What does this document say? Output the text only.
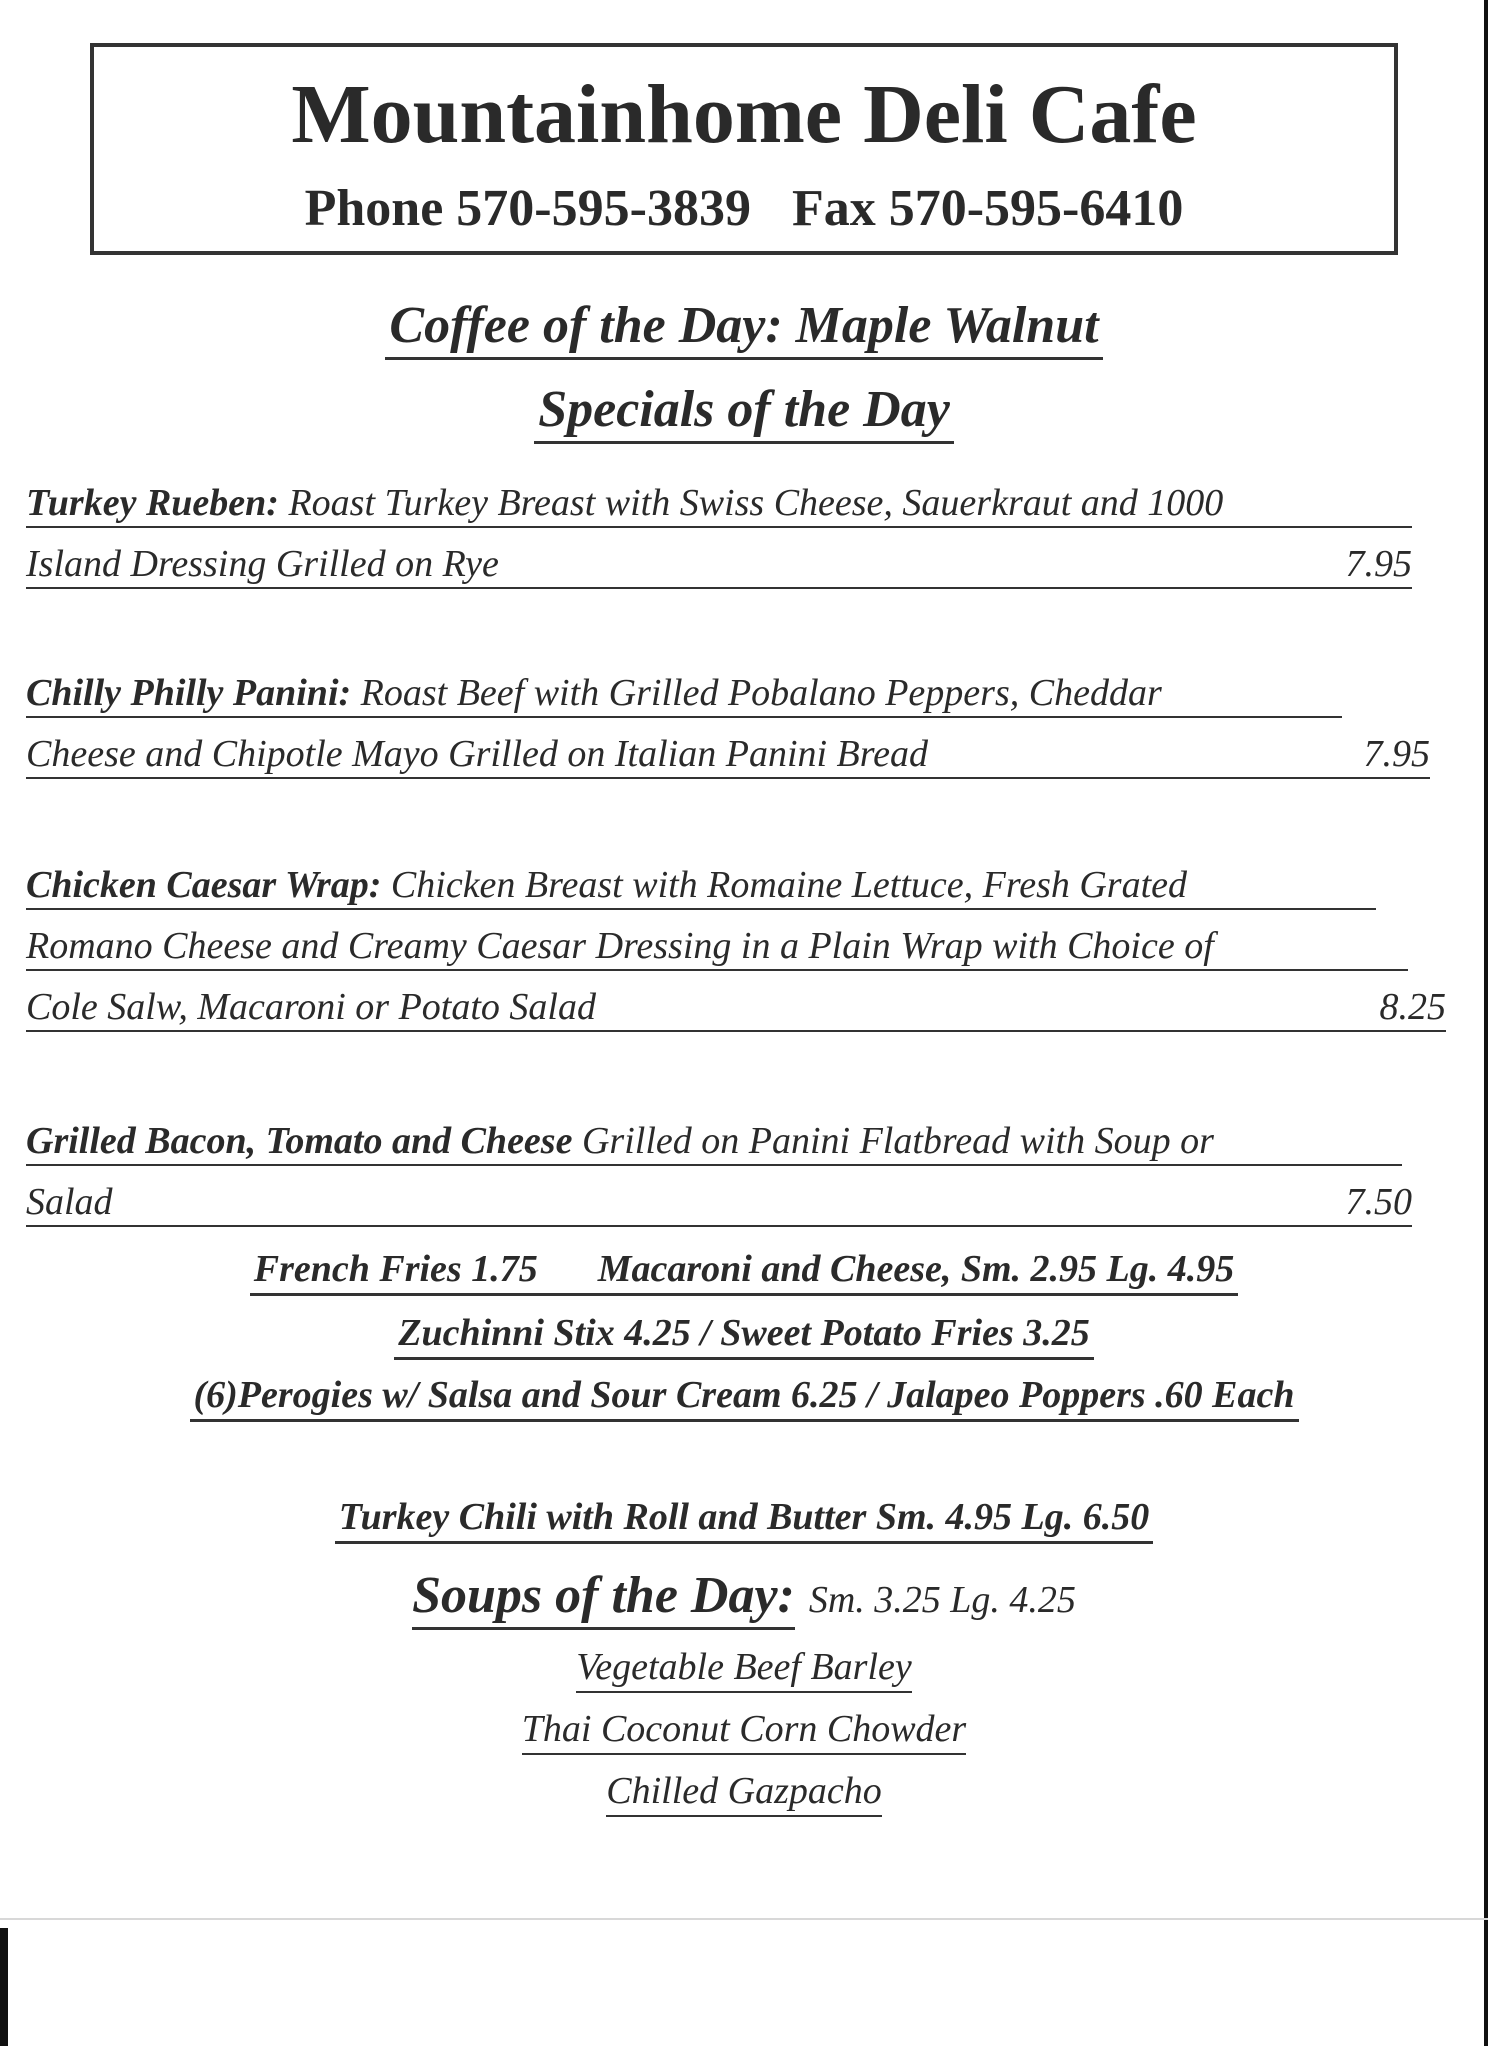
Mountainhome Deli Cafe
Phone 570-595-3839 Fax 570-595-6410
Coffee of the Day: Maple Walnut
Specials of the Day
Turkey Rueben: Roast Turkey Breast with Swiss Cheese, Sauerkraut and 1000
Island Dressing Grilled on Rye	7.95
Chilly Philly Panini: Roast Beef with Grilled Pobalano Peppers, Cheddar
Cheese and Chipotle Mayo Grilled on Italian Panini Bread	7.95
Chicken Caesar Wrap: Chicken Breast with Romaine Lettuce, Fresh Grated
Romano Cheese and Creamy Caesar Dressing in a Plain Wrap with Choice of
Cole Salw, Macaroni or Potato Salad	8.25
Grilled Bacon, Tomato and Cheese Grilled on Panini Flatbread with Soup or
Salad	7.50
French Fries 1.75 Macaroni and Cheese, Sm. 2.95 Lg. 4.95
Zuchinni Stix 4.25 / Sweet Potato Fries 3.25
(6)Perogies w/ Salsa and Sour Cream 6.25 / Jalapeo Poppers .60 Each
Turkey Chili with Roll and Butter Sm. 4.95 Lg. 6.50
Soups of the Day: Sm. 3.25 Lg. 4.25
Vegetable Beef Barley
Thai Coconut Corn Chowder
Chilled Gazpacho
